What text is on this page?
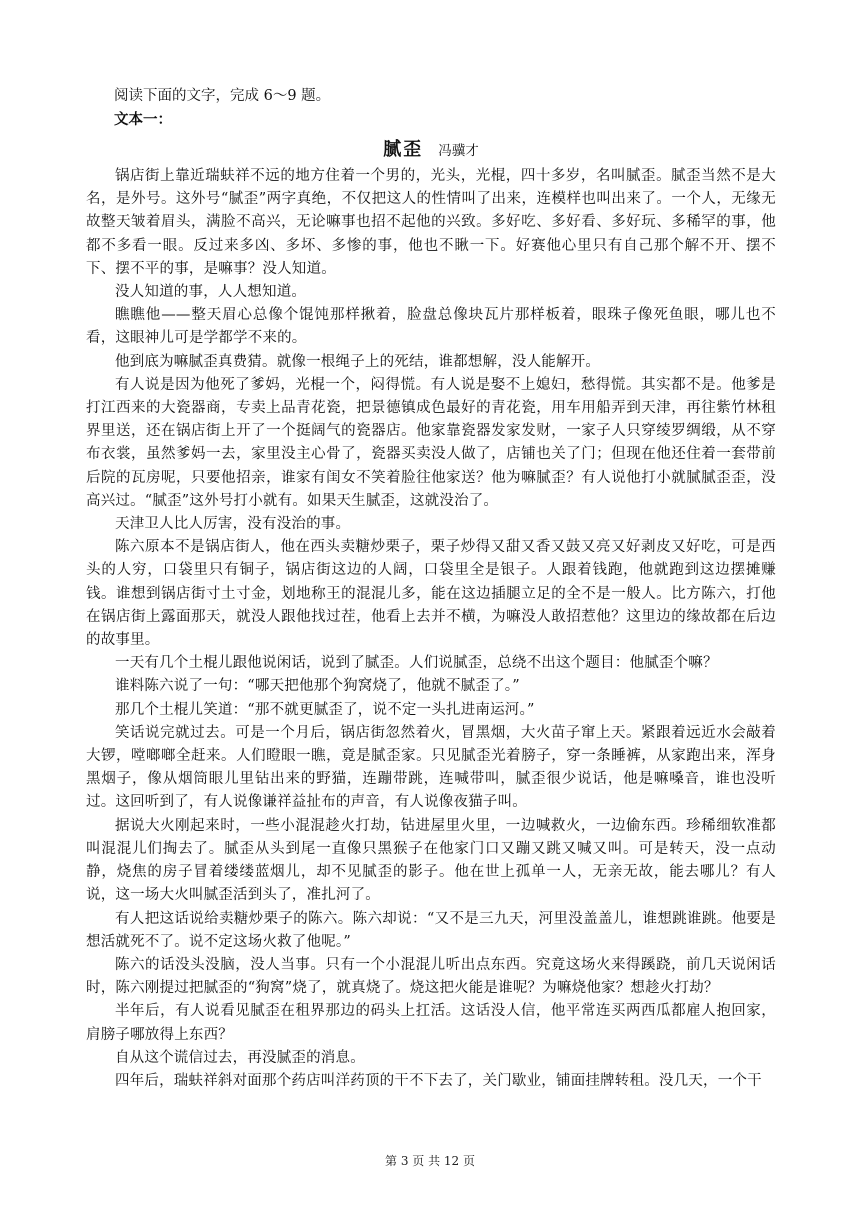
阅读下面的文字，完成 6～9 题。

文本一：

腻歪 冯骥才

锅店街上靠近瑞蚨祥不远的地方住着一个男的，光头，光棍，四十多岁，名叫腻歪。腻歪当然不是大名，是外号。这外号“腻歪”两字真绝，不仅把这人的性情叫了出来，连模样也叫出来了。一个人，无缘无故整天皱着眉头，满脸不高兴，无论嘛事也招不起他的兴致。多好吃、多好看、多好玩、多稀罕的事，他都不多看一眼。反过来多凶、多坏、多惨的事，他也不瞅一下。好赛他心里只有自己那个解不开、摆不下、摆不平的事，是嘛事？没人知道。

没人知道的事，人人想知道。

瞧瞧他——整天眉心总像个馄饨那样揪着，脸盘总像块瓦片那样板着，眼珠子像死鱼眼，哪儿也不看，这眼神儿可是学都学不来的。

他到底为嘛腻歪真费猜。就像一根绳子上的死结，谁都想解，没人能解开。

有人说是因为他死了爹妈，光棍一个，闷得慌。有人说是娶不上媳妇，愁得慌。其实都不是。他爹是打江西来的大瓷器商，专卖上品青花瓷，把景德镇成色最好的青花瓷，用车用船弄到天津，再往紫竹林租界里送，还在锅店街上开了一个挺阔气的瓷器店。他家靠瓷器发家发财，一家子人只穿绫罗绸缎，从不穿布衣裳，虽然爹妈一去，家里没主心骨了，瓷器买卖没人做了，店铺也关了门；但现在他还住着一套带前后院的瓦房呢，只要他招亲，谁家有闺女不笑着脸往他家送？他为嘛腻歪？有人说他打小就腻腻歪歪，没高兴过。“腻歪”这外号打小就有。如果天生腻歪，这就没治了。

天津卫人比人厉害，没有没治的事。

陈六原本不是锅店街人，他在西头卖糖炒栗子，栗子炒得又甜又香又鼓又亮又好剥皮又好吃，可是西头的人穷，口袋里只有铜子，锅店街这边的人阔，口袋里全是银子。人跟着钱跑，他就跑到这边摆摊赚钱。谁想到锅店街寸土寸金，划地称王的混混儿多，能在这边插腿立足的全不是一般人。比方陈六，打他在锅店街上露面那天，就没人跟他找过茬，他看上去并不横，为嘛没人敢招惹他？这里边的缘故都在后边的故事里。

一天有几个土棍儿跟他说闲话，说到了腻歪。人们说腻歪，总绕不出这个题目：他腻歪个嘛？

谁料陈六说了一句：“哪天把他那个狗窝烧了，他就不腻歪了。”

那几个土棍儿笑道：“那不就更腻歪了，说不定一头扎进南运河。”

笑话说完就过去。可是一个月后，锅店街忽然着火，冒黑烟，大火苗子窜上天。紧跟着远近水会敲着大锣，嘡啷啷全赶来。人们瞪眼一瞧，竟是腻歪家。只见腻歪光着膀子，穿一条睡裤，从家跑出来，浑身黑烟子，像从烟筒眼儿里钻出来的野猫，连蹦带跳，连喊带叫，腻歪很少说话，他是嘛嗓音，谁也没听过。这回听到了，有人说像谦祥益扯布的声音，有人说像夜猫子叫。

据说大火刚起来时，一些小混混趁火打劫，钻进屋里火里，一边喊救火，一边偷东西。珍稀细软准都叫混混儿们掏去了。腻歪从头到尾一直像只黑猴子在他家门口又蹦又跳又喊又叫。可是转天，没一点动静，烧焦的房子冒着缕缕蓝烟儿，却不见腻歪的影子。他在世上孤单一人，无亲无故，能去哪儿？有人说，这一场大火叫腻歪活到头了，准扎河了。

有人把这话说给卖糖炒栗子的陈六。陈六却说：“又不是三九天，河里没盖盖儿，谁想跳谁跳。他要是想活就死不了。说不定这场火救了他呢。”

陈六的话没头没脑，没人当事。只有一个小混混儿听出点东西。究竟这场火来得蹊跷，前几天说闲话时，陈六刚提过把腻歪的“狗窝”烧了，就真烧了。烧这把火能是谁呢？为嘛烧他家？想趁火打劫？

半年后，有人说看见腻歪在租界那边的码头上扛活。这话没人信，他平常连买两西瓜都雇人抱回家，肩膀子哪放得上东西？

自从这个谎信过去，再没腻歪的消息。

四年后，瑞蚨祥斜对面那个药店叫洋药顶的干不下去了，关门歇业，铺面挂牌转租。没几天，一个干

第 3 页 共 12 页
